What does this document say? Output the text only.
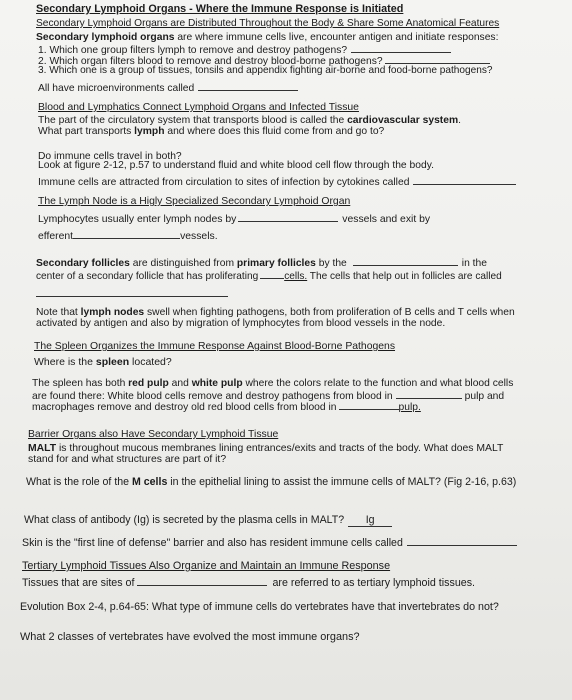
Secondary Lymphoid Organs - Where the Immune Response is Initiated
Secondary Lymphoid Organs are Distributed Throughout the Body & Share Some Anatomical Features
Secondary lymphoid organs are where immune cells live, encounter antigen and initiate responses:
1. Which one group filters lymph to remove and destroy pathogens?
2. Which organ filters blood to remove and destroy blood-borne pathogens?
3. Which one is a group of tissues, tonsils and appendix fighting air-borne and food-borne pathogens?
All have microenvironments called
Blood and Lymphatics Connect Lymphoid Organs and Infected Tissue
The part of the circulatory system that transports blood is called the cardiovascular system.
What part transports lymph and where does this fluid come from and go to?
Do immune cells travel in both?
Look at figure 2-12, p.57 to understand fluid and white blood cell flow through the body.
Immune cells are attracted from circulation to sites of infection by cytokines called
The Lymph Node is a Higly Specialized Secondary Lymphoid Organ
Lymphocytes usually enter lymph nodes by	vessels and exit by
efferent	vessels.
Secondary follicles are distinguished from primary follicles by the	in the
center of a secondary follicle that has proliferating	cells. The cells that help out in follicles are called
Note that lymph nodes swell when fighting pathogens, both from proliferation of B cells and T cells when
activated by antigen and also by migration of lymphocytes from blood vessels in the node.
The Spleen Organizes the Immune Response Against Blood-Borne Pathogens
Where is the spleen located?
The spleen has both red pulp and white pulp where the colors relate to the function and what blood cells
are found there: White blood cells remove and destroy pathogens from blood in	pulp and
macrophages remove and destroy old red blood cells from blood in	pulp.
Barrier Organs also Have Secondary Lymphoid Tissue
MALT is throughout mucous membranes lining entrances/exits and tracts of the body. What does MALT
stand for and what structures are part of it?
What is the role of the M cells in the epithelial lining to assist the immune cells of MALT? (Fig 2-16, p.63)
What class of antibody (Ig) is secreted by the plasma cells in MALT? Ig
Skin is the "first line of defense" barrier and also has resident immune cells called
Tertiary Lymphoid Tissues Also Organize and Maintain an Immune Response
Tissues that are sites of	are referred to as tertiary lymphoid tissues.
Evolution Box 2-4, p.64-65: What type of immune cells do vertebrates have that invertebrates do not?
What 2 classes of vertebrates have evolved the most immune organs?
